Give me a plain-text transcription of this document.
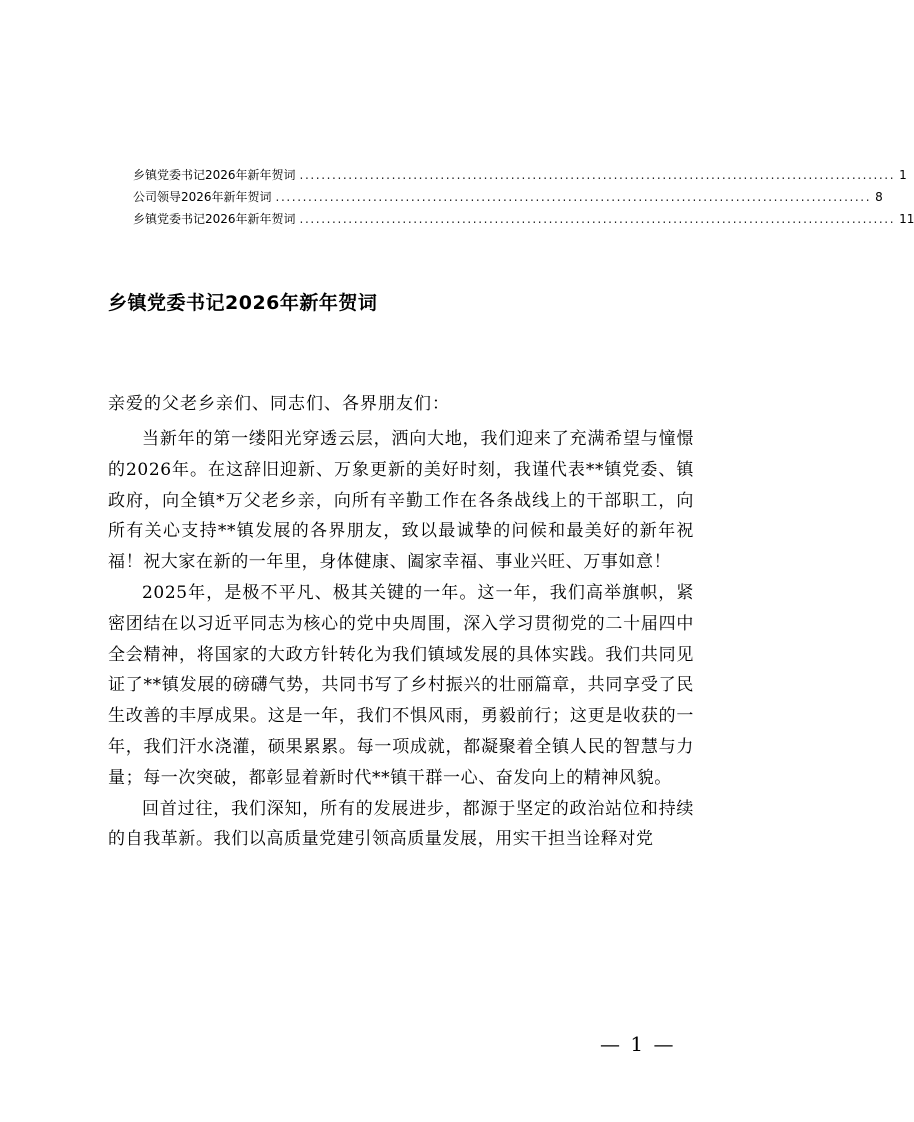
乡镇党委书记2026年新年贺词 .............................................................................................................. 1
公司领导2026年新年贺词 .............................................................................................................. 8
乡镇党委书记2026年新年贺词 .............................................................................................................. 11
乡镇党委书记2026年新年贺词
亲爱的父老乡亲们、同志们、各界朋友们：

当新年的第一缕阳光穿透云层，洒向大地，我们迎来了充满希望与憧憬的2026年。在这辞旧迎新、万象更新的美好时刻，我谨代表**镇党委、镇政府，向全镇*万父老乡亲，向所有辛勤工作在各条战线上的干部职工，向所有关心支持**镇发展的各界朋友，致以最诚挚的问候和最美好的新年祝福！祝大家在新的一年里，身体健康、阖家幸福、事业兴旺、万事如意！

2025年，是极不平凡、极其关键的一年。这一年，我们高举旗帜，紧密团结在以习近平同志为核心的党中央周围，深入学习贯彻党的二十届四中全会精神，将国家的大政方针转化为我们镇域发展的具体实践。我们共同见证了**镇发展的磅礴气势，共同书写了乡村振兴的壮丽篇章，共同享受了民生改善的丰厚成果。这是一年，我们不惧风雨，勇毅前行；这更是收获的一年，我们汗水浇灌，硕果累累。每一项成就，都凝聚着全镇人民的智慧与力量；每一次突破，都彰显着新时代**镇干群一心、奋发向上的精神风貌。

回首过往，我们深知，所有的发展进步，都源于坚定的政治站位和持续的自我革新。我们以高质量党建引领高质量发展，用实干担当诠释对党

— 1 —
